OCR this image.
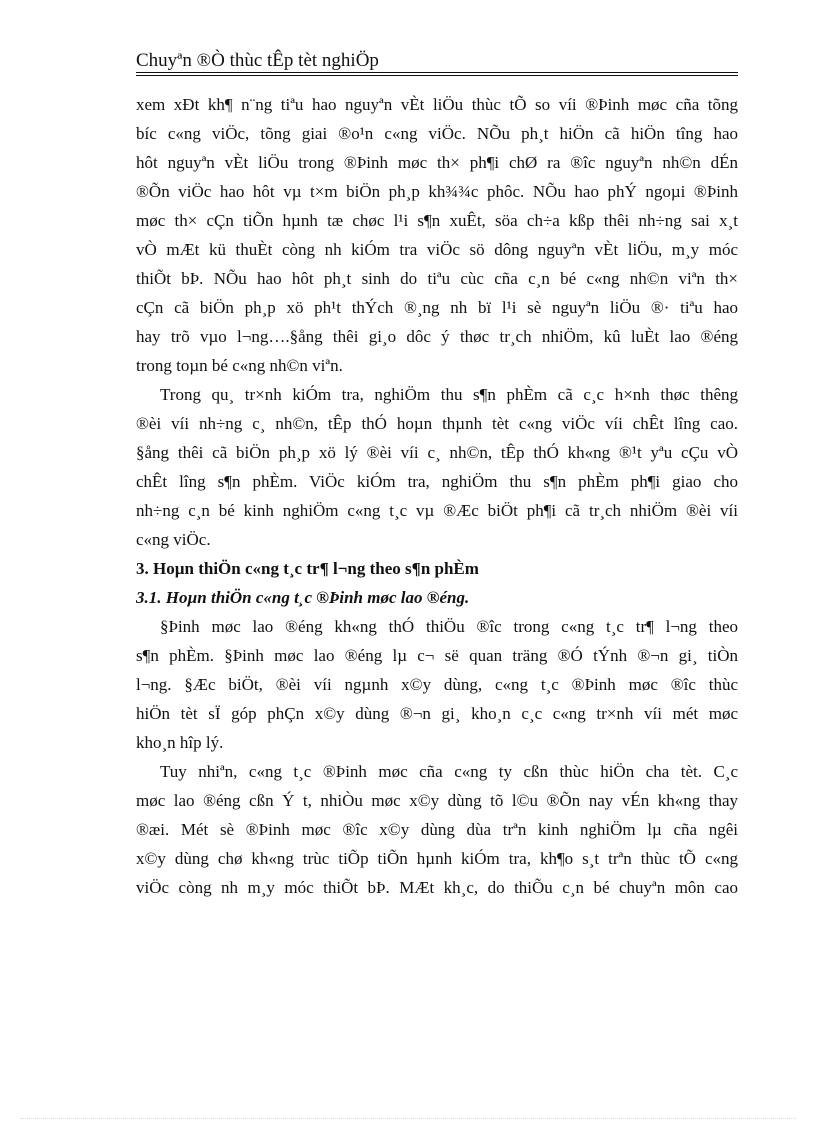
Chuyªn ®Ò thùc tÊp tèt nghiÖp
xem xÐt kh¶ n¨ng tiªu hao nguyªn vÈt liÖu thùc tÕ so víi ®Þinh møc cña tõng
bíc c«ng viÖc, tõng giai ®o¹n c«ng viÖc. NÕu ph¸t hiÖn cã hiÖn tîng hao
hôt nguyªn vÈt liÖu trong ®Þinh møc th× ph¶i chØ ra ®îc nguyªn nh©n dÉn
®Õn viÖc hao hôt vµ t×m biÖn ph¸p kh¾¾c phôc. NÕu hao phÝ ngoµi ®Þinh
møc th× cÇn tiÕn hµnh tæ chøc l¹i s¶n xuÊt, söa ch÷a kßp thêi nh÷ng sai x¸t
vÒ mÆt kü thuÈt còng nh kiÓm tra viÖc sö dông nguyªn vÈt liÖu, m¸y móc
thiÕt bÞ. NÕu hao hôt ph¸t sinh do tiªu cùc cña c¸n bé c«ng nh©n viªn th×
cÇn cã biÖn ph¸p xö ph¹t thÝch ®¸ng nh bï l¹i sè nguyªn liÖu ®· tiªu hao
hay trõ vµo l¬ng….§ång thêi gi¸o dôc ý thøc tr¸ch nhiÖm, kû luÈt lao ®éng
trong toµn bé c«ng nh©n viªn.
Trong qu¸ tr×nh kiÓm tra, nghiÖm thu s¶n phÈm cã c¸c h×nh thøc thêng
®èi víi nh÷ng c¸ nh©n, tÊp thÓ hoµn thµnh tèt c«ng viÖc víi chÊt lîng cao.
§ång thêi cã biÖn ph¸p xö lý ®èi víi c¸ nh©n, tÊp thÓ kh«ng ®¹t yªu cÇu vÒ
chÊt lîng s¶n phÈm. ViÖc kiÓm tra, nghiÖm thu s¶n phÈm ph¶i giao cho
nh÷ng c¸n bé kinh nghiÖm c«ng t¸c vµ ®Æc biÖt ph¶i cã tr¸ch nhiÖm ®èi víi
c«ng viÖc.
3. Hoµn thiÖn c«ng t¸c tr¶ l¬ng theo s¶n phÈm
3.1. Hoµn thiÖn c«ng t¸c ®Þinh møc lao ®éng.
§Þinh møc lao ®éng kh«ng thÓ thiÖu ®îc trong c«ng t¸c tr¶ l¬ng theo
s¶n phÈm. §Þinh møc lao ®éng lµ c¬ së quan träng ®Ó tÝnh ®¬n gi¸ tiÒn
l¬ng. §Æc biÖt, ®èi víi ngµnh x©y dùng, c«ng t¸c ®Þinh møc ®îc thùc
hiÖn tèt sÏ góp phÇn x©y dùng ®¬n gi¸ kho¸n c¸c c«ng tr×nh víi mét møc
kho¸n hîp lý.
Tuy nhiªn, c«ng t¸c ®Þinh møc cña c«ng ty cßn thùc hiÖn cha tèt. C¸c
møc lao ®éng cßn Ý t, nhiÒu møc x©y dùng tõ l©u ®Õn nay vÉn kh«ng thay
®æi. Mét sè ®Þinh møc ®îc x©y dùng dùa trªn kinh nghiÖm lµ cña ngêi
x©y dùng chø kh«ng trùc tiÕp tiÕn hµnh kiÓm tra, kh¶o s¸t trªn thùc tÕ c«ng
viÖc còng nh m¸y móc thiÕt bÞ. MÆt kh¸c, do thiÕu c¸n bé chuyªn môn cao
